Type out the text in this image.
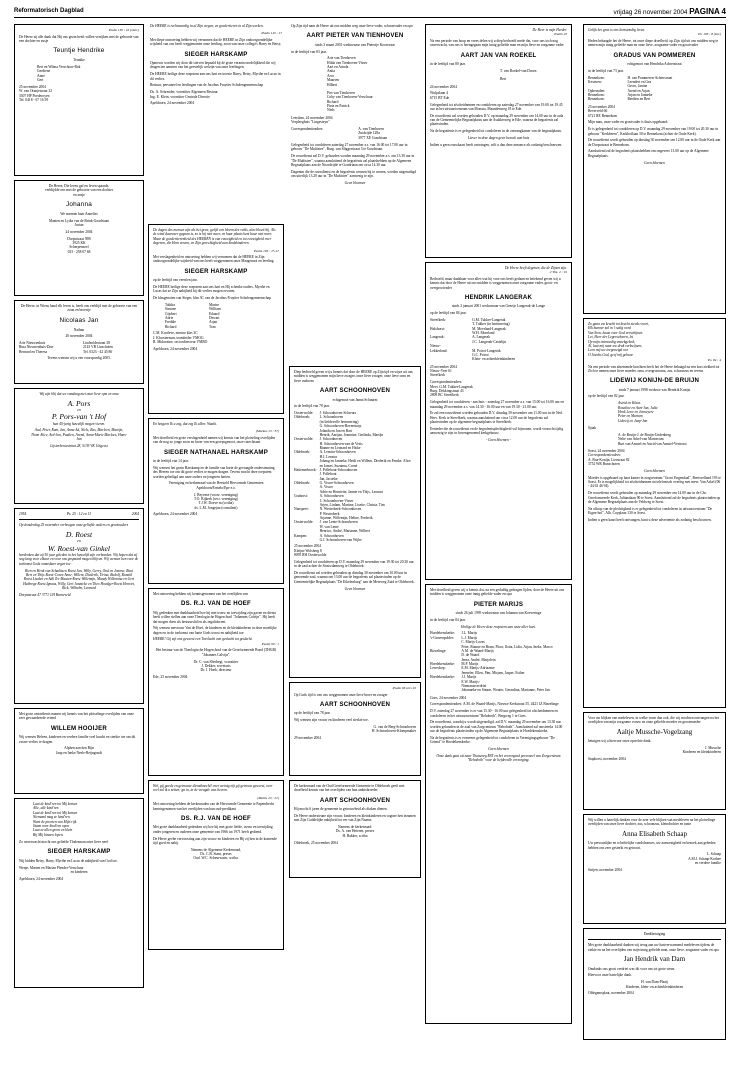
Reformatorisch Dagblad	vrijdag 26 november 2004 PAGINA 4

Psalm 130 : 16 (ober.)

De Heere zij alle dank dat Hij ons gezin heeft willen verrijken met de geboorte van een dochter en zusje

Teuntje Hendrike

Teuntke

Bert en Wilma Verschoor-Bok

Gerdiene

Anne

Gert

25 november 2004

W. van Oranjestraat 32

3307 HP Poederoyen

Tel. 0418 - 67 16 59

De Heere, Die leven gaf en leven spaarde, verblijdde ons met de geboorte van een dochter en zusje
Johanna

We noemen haar Annelies

Maaten en Lydia van de Brink-Goudriaan Jurian

24 november 2004

Dorpsstraat 59B

3925 KK

Scherpenzeel

033 - 258 07 68

De Heere, in Wiens hand elk leven is, heeft ons verblijd met de geboorte van een zoon en broertje

Nicolaas Jan

Nathan

20 november 2004

Arie Nieuwenhuis	Lindeoldestraat 38
Rina Nieuwenhuis-Dorr	2143 VB Linschoten
Bernard en Theresa	Tel. 0323 - 42 45 86

Tevens wensen wij u een voorspoedig 2005.

Wij zijn blij dat we vandaag met onze lieve opa en oma

A. Pors
en
P. Pors-van 't Hof

hun 45-jarig huwelijk mogen vieren.

Aad, Peter, Ram, Jan, Anna Ad, Niels, Ras, Marleen, Martijn, Thom Alice, Ard-Jan, Paulien, Arend, Anna-Marie Marloes, Hans-Jan

Lijsterbessestraat 28, 5139 VK Uitgeest

1954	Ps. 25 : 12 en 13	2004

Op donderdag 25 november verheugen onze geliefde ouders en grootouders

D. Roest
en
W. Roest-van Ginkel

herdenken dat zij 50 jaar geleden in het huwelijk zijn verbonden. Wij hopen dat zij nog lang voor elkaar en voor ons gespaard mogen blijven. Wij wensen hen voor de toekomst Gods onmisbare zegen toe.

Rien en Henk van Schaiktsen Roest Jan, Willy, Gerry, Ond en Joanne, Ruut Bert en Thijs Roest-Coren Anne, Willem, Diederik, Tirina, Rudolf, Ronald Roest Lisabet en Adk Ter Maaten-Roest Willemijn, Mandy Willemina en Gert Huibregs-Roest Ignaas, Willy, Gert Jannicke en Theo Hoedger-Roest Henriet, Rick, Wilhelm, Leonard

Dorpsstraat 47 3771 CH Barneveld

Met grote ontsteltenis namen wij kennis van het plotselinge overlijden van onze zeer gewaardeerde vriend

WILLEM HOOIJER

Wij wensen Heleen, kinderen en verdere familie veel kracht en sterkte toe om dit zware verlies te dragen.

Alphen aan den Rijn

Jaap en Ineke Neele-Reijngoudt

Laat de kind'ren tot Mij komen
Alle, alle kind'ren
Laat de kind'ren tot Mij komen
Niemand mag ze hind'ren
Want de poorten van Mijn rijk
Staan voor kind'ren open
Laat ze allen groot en klein
Bij Mij binnen lopen.

Zo onverwacht mocht ons geliefde Thalesman onze lieve neef

SIEGER HARSKAMP

Wij bidden Betsy, Harry, Myrthe en Lucas de nabijheid van God toe.

Wenje, Marten en Marian Pfender-Verschuur

en kinderen

Apeldoorn, 24 november 2004

De HEERE is rechtvaardig in al Zijn wegen, en goedertieren in al Zijn werken.

Psalm 145 : 17

Met diepe ontroering hebben wij vernomen dat de HEERE in Zijn ondoorgrondelijke wijsheid van ons heeft weggenomen onze leerling, zoon van onze collega's Harry en Betsy,

SIEGER HARSKAMP

Opnieuw worden wij door dit sterven bepaald bij de grote verantwoordelijkheid die wij dragen ten aanzien van het geestelijk welzijn van onze leerlingen.

De HEERE heilige deze roepstem aan ons hart en troeste Harry, Betsy, Myrthe en Lucas in dit verlies.

Bestuur, personeel en leerlingen van de Jacobus Fruytier Scholengemeenschap

Ds. A. Schreuder, voorzitter Algemeen Bestuur

Ing. E. Klein, voorzitter Centrale Directie

Apeldoorn, 24 november 2004

De dagen des mensen zijn als het gras; gelijk een bloem des velds, alzo bloeit hij. Als de wind daarover gegaan is, zo is hij niet meer, en haar plaats kent haar niet meer. Maar de goedertierenheid des HEEREN is van eeuwigheid en tot eeuwigheid over degenen, die Hem vrezen, en Zijn gerechtigheid aan kindskinderen.

Psalm 103 : 15-17

Met verslagenheid en ontroering hebben wij vernomen dat de HEERE in Zijn ondoorgrondelijke wijsheid van ons heeft weggenomen onze Maagenoot en leerling

SIEGER HARSKAMP

op de leeftijd van veertien jaar.

De HEERE heilige deze roepstem aan ons hart en Hij schenke ouders, Myrthe en Lucas dat ze Zijn nabijheid bij dit verlies mogen ervaren.

De klasgenoten van Sieger, klas 3C van de Jacobus Fruytier Scholengemeenschap

Talitha	Marise
Simone	William
Gijsbert	Eduard
Adrie	Dewart
Freddie	Arjan
Richard	Tom

C.M. Kortleve, mentor klas 3C

J. Kloosterman, teamleider VMOG

B. Midavaine, sectordirecteur VMBO

Apeldoorn, 24 november 2004

En hetgeen Ik u zeg, dat zeg Ik allen: Waakt.

(Markus 13 : 37)

Met droefheid en grote verslagenheid namen wij kennis van het plotseling overlijden van de nog zo jonge zoon en broer van een groepsgenoot, onze catechisant

SIEGER NATHANAEL HARSKAMP

in de leeftijd van 14 jaar.

Wij wensen het gezin Harskamp en de familie van harte de gevraagde ondersteuning des Heeren toe om dit grote verlies te mogen dragen. Tevens mocht deze roepstem worden geheiligd aan onze ouders en jongeren harten.

Vereniging en kerkenraad van de Hersteld Hervormde Gemeenten Apeldoorn/Ermelo/Epe e.o.

J. Beyense (voorz. vereniging)

T.O. Bijkerk (secr. vereniging)

T.J.W. Doeve m (scriba)

ds. L.M. Jongejan (consulent)

Apeldoorn, 24 november 2004

Met ontroering hebben wij kennisgenomen van het overlijden van

DS. R.J. VAN DE HOEF

Wij gedenken met dankbaarheid hoe hij met trouw en toewijding zijn gaven en dienst heeft willen stellen aan onze Theologische Hogeschool "Johannes Calvijn". Hij heeft dat mogen doen als bestuurslid en als regalidocent.

Wij wensen mevrouw Van de Hoef, de kinderen en de kleinkinderen in deze moeilijke dagen en in de toekomst van harte Gods troost en nabijheid toe.

HEERE! Gij zijt ons geweest een Toevlucht van geslacht tot geslacht.

Psalm 90 : 1

Het bestuur van de Theologische Hogeschool van de Gereformeerde Bond (THGB) "Johannes Calvijn".

Dr. C. van Sliedregt, voorzitter

J. Dekker, secretaris

Dr. J. Hoek, directeur

Ede, 23 november 2004

Wel, gij goede en getrouwe dienstknecht! over weinig zijt gij getrouw geweest, over veel zal ik u zetten; ga in, in de vreugde uws heeren.

(Matth. 25 : 21)

Met ontroering hebben de kerkenraden van de Hervormde Gemeente te Papendrecht kennisgenomen van het overlijden van hun oud-predikant

DS. R.J. VAN DE HOEF

Met grote dankbaarheid gedenken wij hoe hij met grote liefde, trouw en toewijding onder jongeren en ouderen onze gemeente van 1966 tot 1971 heeft gediend.

De Heere gevbe vertroosting aan zijn vrouw en kinderen en Hij zij hen in de komende tijd goed en nabij.

Namens de Algemene Kerkenraad,

Ds. C.B. Stam, preses

Oud. W.C. Scheurwater, scriba.

Op Zijn tijd nam de Heere uit ons midden weg onze lieve vader, schoonvader en opa

AART PIETER VAN TIENHOVEN

sinds 3 maart 2001 weduwnaar van Pieterije Koorevaar

in de leeftijd van 83 jaar.

Arie van Tienhoven
Hilda van Tienhoven-Visser
Aart en Arinda
Anita
Arco
Maarten
Hilbert
Piet van Tienhoven
Coby van Tienhoven-Verschuur
Richard
Pieta en Patrick
Niels

Leerdam, 24 november 2004

Verpleeghuis "Lingesteyn"

Correspondentieadres:	A. van Tienhoven
	Zuidzijde 128a
	3977 XE Goudriaan

Gelegenheid tot condoleren zaterdag 27 november a.s. van 16.00 tot 17.00 uur in gebouw "De Multistee", Burg. van Sliggerstraat 3 te Goudriaan.

De rouwdienst zal D.V. gehouden worden maandag 29 november a.s. om 13.30 uur in "De Multistee", waarna aansluitend de begrafenis zal plaatshebben op de Algemene Begraafplaats aan de Noordzijde te Goudriaan om circa 14.30 uur.

Dagenim die de rouwdienst en de begrafenis wensen bij te wonen, worden uitgenodigd om uiterlijk 13.20 uur in "De Multistee" aanwezig te zijn.

Geen bloemen

Diep bedroefd geven wij u kennis dat door de HEERE op Zijn tijd en wijze uit ons midden is weggenomen mijn lieve zwager, onze lieve zwager, onze lieve oom en lieve oudoom

AART SCHOONHOVEN

echtgenoot van Janna Schuurm

in de leeftijd van 78 jaar.

Oosterwolde:	J. Schoonhoven-Schreurs
Oldebroek:	L. Schoonhoven
	(in liefdevolle herinnering)
	G. Schoonhoven-Bovenstorp
	Jolanda en Jan en Bart
	Henrik, Aarijan, Jeannine, Gerlinda, Martijn
Oosterwolde:	J. Schoonhoven
	H. Schoonhoven-van de Vesis
	Rianne en Leonard en Hiske
Oldebroek:	A. Lenstra-Schoonhoven
	H.J. Lenstra
	Johang en Janneke, Heidi en Willem, Diederik en Femke, Alice en Janset, Suzanna, Corné
Hattemerbroek:	J. Pollebout-Schoonhoven
	J. Pollebout
	Jan, Jacoeke
Oldebroek:	G. Visser-Schoonhoven
	A. Visser
	Adrie en Henriette, Jannie en Thijs, Leonart
Gruhorst:	A. Schoonhoven
	L. Schoonhoven-Visser
	Arjen, Lirdam, Martine, Lisette, Christa, Tim
Nunspeet:	N. Westerbeek-Schoonhoven
	P. Westerbeek
	Arjanne, Willemijn, Heline, Frederik
Oosterwolde:	J. van Lente-Schoonhoven
	W. van Lente
	Henrico, André, Marianne, Wilbert
Kampen:	A. Schoonhoven
	G.J. Schoonhoven-van Wijhe

25 november 2004

Kleijne Wolsberg 8

8095 RH Oosterwolde

Gelegenheid tot condoleren op D.V. maandag 29 november van 19.30 tot 20.30 uur in de zaal achter de Stouwdamweg te Oldebroek.

De rouwdienst zal worden gehouden op dinsdag 30 november om 10.00 uur in genoemde zaal, waarna om 13.00 uur de begrafenis zal plaatsvinden op de Gemeentelijke Begraafplaats "De Eikelenburg" aan de Meteweg Zuid te Oldebroek.

Geen bloemen

Psalm 96 vers 10

Op Gods tijd is van ons weggenomen onze lieve broer en zwager

AART SCHOONHOVEN

op de leeftijd van 78 jaar.

Wij wensen zijn vrouw en kinderen veel sterkte toe.

G. van de Berg-Schoonhoven

H. Schoonhoven-Klompmaker

29 november 2004

De kerkenraad van de Oud Gereformeerde Gemeente te Oldebroek geeft met droefheid kennis van het overlijden van hun ambtsbroeder

AART SCHOONHOVEN

Hij mocht 6 jaren de gemeente in getrouwheid als diaken dienen.

De Heere ondersteune zijn vrouw, kinderen en kleinkinderen en sogone hen tezamen met Zijn Goddelijke nabijheid tot eer van Zijn Naams.

Namens de kerkenraad:

Ds. A. van Heteren, preses

H. Bakker, scriba

Oldebroek, 25 november 2004

De Heer is mijn Herder.

Psalm 23

Na een periode van hoop en vrees delen wij u diep bedroefd mede dat, voor ons toch nog onverwacht, van ons is heengegaan mijn innig geliefde man en mijn lieve en zorgzame vader

AART JAN VAN ROEKEL

in de leeftijd van 80 jaar.

T. van Roekel-van Doorn
Bert

24 november 2004

Wulpslaan 4

6715 BT Ede

Gelegenheid tot afscheidnemen en condoleren op zaterdag 27 november van 19.00 tot 19.45 uur in het uitvaartcentrum van Monuta, Maandenweg 18 te Ede.

De rouwdienst zal worden gehouden D.V. op maandag 29 november om 14.00 uur in de aula van de Gemeentelijke Begraafplaats aan de Asakkerweg te Ede, waarna de begrafenis zal plaatsvinden.

Na de begrafenis is er gelegenheid tot condoleren in de ontvangkamer van de begraafplaats.

Liever in deze dagen geen bezoek aan huis

Indien u geen rouwkaart heeft ontvangen, wilt u dan deze annonce als zodanig beschouwen.

De Heere heeft degenen, die de Zijnen zijn.

2 Tim. 2 : 19

Bedroefd, maar dankbaar voor alles wat hij voor ons heeft gedaan en betekend geven wij u kennis dat door de Heere uit ons midden is weggenomen onze zorgzame vader, groot- en overgrootvader

HENDRIK LANGERAK

sinds 3 januari 2001 weduwnaar van Geertje Langerak-de Lange

op de leeftijd van 84 jaar.

Streefkerk:	G.M. Tukker-Langerak
	T. Tukker (in herinnering)
Hulshorst:	M. Moerland-Langerak
	W.H. Moerland
Langerak:	A. Langerak
	J.C. Langerak-Castelijn
Nieuw-	
Lekkerland:	M. Poirot-Langerak
	G.C. Poirot

	Klein- en achterkleinkinderen

25 november 2004

Nieuw-Veer 61

Streefkerk

Correspondentieadres:

Mevr. G.M. Tukker-Langerak

Burg. Dekkingstraat 43

2809 BC Streefkerk

Gelegenheid tot condoleren - aan huis - zaterdag 27 november a.s. van 15.00 tot 16.00 uur en maandag 29 november a.s. van 14.30 - 16.00 uur en van 19.30 - 21.00 uur.

Er zal een rouwdienst worden gehouden D.V. dinsdag 30 november om 11.00 uur in de Ned. Herv. Kerk te Streefkerk, waarna aansluitend om circa 12.00 uur de begrafenis zal plaatsvinden op de algemene begraafplaats te Streefkerk.

Eenieder die de rouwdienst en de begrafenisplechtigheid wil bijwonen, wordt verzocht tijdig aanwezig te zijn in bovengenoemd kerkgebouw.

- Geen bloemen -

Met droefheid geven wij u kennis dat, na een geduldig gedragen lijden, door de Heere uit ons midden is weggenomen onze innig geliefde vader en opa

PIETER MARIJS

sinds 26 juli 1995 weduwnaar van Johanna van Koeveringe

in de leeftijd van 84 jaar.

Heilige de Heere deze roepstem aan onze aller hart.

Hoedekenskerke:	J.L. Marijs
's-Gravenpolder:	L.J. Marijs
	C. Marijs-Lozes
	Peter, Rianne en Bram, Floor, Ilona, Lidia, Arjan, Ineke, Marco
Biezelinge:	A.M. de Waard-Marijs
	D. de Waard
	Jerna, André, Marjolein
Hoedekenskerke:	M.P. Marijs
Lewedorp:	E.M. Marijs-Adriaanse
	Jennefer, Ellen, Pim, Mirjam, Jasper, Esther
Hoedekenskerke:	J.J. Marijs
	E.W. Marijs-
	Niemantsverdriet
	Johanneke en Simon, Wouter, Gerardina, Marianne, Peter Jan

Goes, 24 november 2004

Correspondentieadres: A.M. de Waard-Marijs, Nieuwe Kerkstraat 55, 4421 JZ Biezelinge

D.V. zaterdag 27 november is er van 15.30 - 16.00 uur gelegenheid tot afscheidnemen en condoleren in het uitvaartcentrum "Rehoboth", Bergweg 1 te Goes.

De rouwdienst, waarbij u wordt uitgenodigd, zal D.V. maandag 29 november om 13.30 uur worden gehouden in de zaal van Zorgcentrum "Rehoboth". Aansluitend zal omstreeks 14.00 uur de begrafenis plaatsvinden op de Algemene Begraafplaats te Hoedekenskerke.

Na de begrafenis is er eveneens gelegenheid tot condoleren in Verenigingsgebouw "De Griend" te Hoedekenskerke.

Geen bloemen

Onze dank gaat uit naar Thuiszorg RST en het verzorgend personeel van Zorgcentrum "Rehoboth" voor de liefdevolle verzorging.

Gelijk het gras is ons kortstondig leven.

Ps. 103 : 8 (ber.)

Heden behaagde het de Heere, tot onze diepe droefheid, op Zijn tijd uit ons midden weg te nemen mijn innig geliefde man en onze lieve, zorgzame vader en grootvader

GRADUS VAN POMMEREN

echtgenoot van Hendrika Achterstraat

in de leeftijd van 73 jaar.

Bennekom:	H. van Pommeren-Achterstraat
Kesteren:	Leendert en Gea
	Gerco, Janine
Opheusden:	Arend en Arjan
Bennekom:	Arjan en Janneke
Bennekom:	Berdien en Bert

23 november 2004

Beverveld 66

6721 RE Bennekom

Mijn man, onze vader en grootvader is thuis opgebaard.

Er is gelegenheid tot condoleren op D.V. maandag 29 november van 19.00 tot 20.30 uur in gebouw "Kerkberen", Kerkhoflaan 30 te Bennekom (achter de Oude Kerk).

De rouwdienst wordt gehouden op dinsdag 30 november om 12.00 uur in de Oude Kerk aan de Dorpsstraat te Bennekom.

Aansluitend zal de begrafenis plaatshebben om ongeveer 13.00 uur op de Algemene Begraafplaats.

Geen bloemen

Zo gaan uw kracht tot kracht steeds voort,
Elk hunner zal in 't salig oord
Van Sion, haast voor God verschijnen.
Let, Heer der Legerscharen, let
Op mijn ootmoedig smeekgebed;
Al, laat mij naar uw drak verkwijnen;
Leen mij uw toegeneigd oor
O Jacobs God, geef mij gehoor.

Ps. 84 : 4

Na een periode van afnemende krachten heeft het de Heere behaagd na een kort ziekbed tot Zich te nemen onze lieve moeder, oma, overgrootoma, zus, schoonzus en tevens

LIDEWIJ KONIJN-DE BRUIJN

sinds 7 januari 1998 weduwe van Hendrik Konijn

op de leeftijd van 82 jaar.

Astrid en Klaas
Rosaline en Aart-Jan, Julia
Henk Loov en Jonneyere
Peter en Mariam
Lidewij en Jaap-Jan

Sjaak

A. de Bruijn-J. de Bruijn-Undenberg
Nelie van Arkel-van Marnecum
Burt van Amstel en Astrid van Amstel-Vertrosst

Soest, 24 november 2004

Correspondentieadres:

A. Boa-Konijn, Lierstraat 82

3752 WR Bunschoten

Geen bloemen

Moeder is opgebaard op haar kamer in zorgcentrum "Groot Engendaal", Beetsvelland 193 te Soest. Er is mogelijkheid tot afscheidnemen na telefonisch overleg met mevr. Van Arkel (06 - 44 63 46 94).

De rouwdienst wordt gehouden op maandag 29 november om 14.00 uur in de Chr. Gereformeerde Kerk, Julianalaan 90 te Soest. Aansluitend zal de begrafenis plaatsvinden op de Algemene Begraafplaats aan de Veldweg te Soest.

Na afloop van de plechtigheid is er gelegenheid tot condoleren in uitvaartcentrum "De Eigen-hof", Alb. Cuyplaan 130 te Soest.

Indien u geen kaart heeft ontvangen, kunt u deze advertentie als zodanig beschouwen.

Voor uw blijken van medeleven, in welke vorm dan ook, die wij mochten ontvangen na het overlijden van mijn zorgzame vrouw en onze geliefde moeder en grootmoeder

Aaltje Mussche-Vogelzang

betuigen wij u hiervoor onze oprechte dank.

J. Mussche

Kinderen en kleinkinderen

Staphorst, november 2004

Wij willen u hartelijk danken voor de zeer vele blijken van medeleven na het plotselinge overlijden van onze lieve dochter, zus, schoonzus, kleindochter en tante

Anna Elisabeth Schaap

Uw persoonlijke en schriftelijke condoleances, uw aanwezigheid en bezoek aan gebeden hebben ons zeer gesterkt en getroost.

L. Schaap

A.M.J. Schaap-Korbee

en verdere familie

Strijen, november 2004

Dankbetuiging

Met grote dankbaarheid danken wij terug aan uw hartverwarmend medeleven tijdens de ziekte en na het overlijden van mijn innig geliefde man, onze lieve, zorgzame vader en opa

Jan Hendrik van Dam

Omdanks ons groot verdriet was dit voor ons tot grote steun.

Hiervoor onze hartelijke dank.

H. van Dam-Plaaij

Kinderen, klein- en achterkleinkinderen

Oldegamsplaat, november 2004
